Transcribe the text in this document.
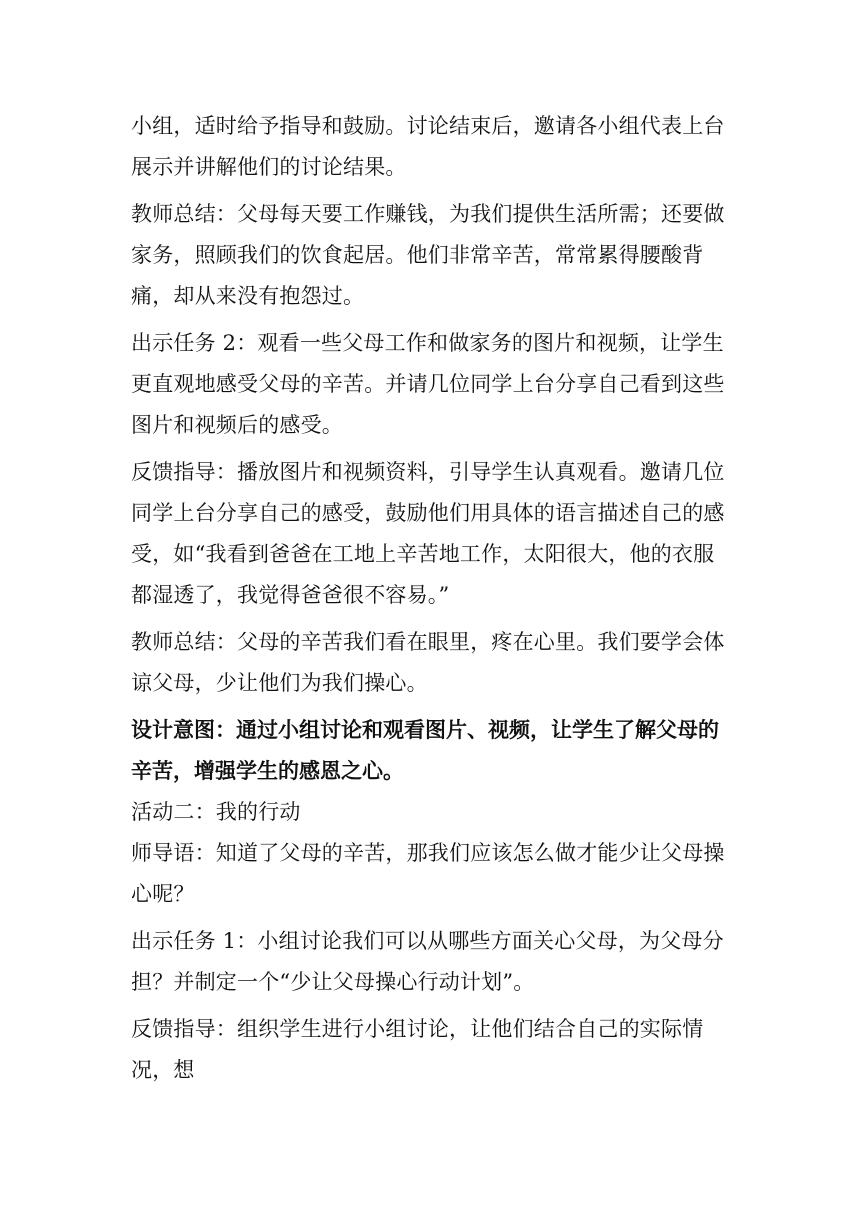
小组，适时给予指导和鼓励。讨论结束后，邀请各小组代表上台展示并讲解他们的讨论结果。

教师总结：父母每天要工作赚钱，为我们提供生活所需；还要做家务，照顾我们的饮食起居。他们非常辛苦，常常累得腰酸背痛，却从来没有抱怨过。

出示任务 2：观看一些父母工作和做家务的图片和视频，让学生更直观地感受父母的辛苦。并请几位同学上台分享自己看到这些图片和视频后的感受。

反馈指导：播放图片和视频资料，引导学生认真观看。邀请几位同学上台分享自己的感受，鼓励他们用具体的语言描述自己的感受，如“我看到爸爸在工地上辛苦地工作，太阳很大，他的衣服都湿透了，我觉得爸爸很不容易。”

教师总结：父母的辛苦我们看在眼里，疼在心里。我们要学会体谅父母，少让他们为我们操心。

设计意图：通过小组讨论和观看图片、视频，让学生了解父母的辛苦，增强学生的感恩之心。

活动二：我的行动

师导语：知道了父母的辛苦，那我们应该怎么做才能少让父母操心呢？

出示任务 1：小组讨论我们可以从哪些方面关心父母，为父母分担？并制定一个“少让父母操心行动计划”。

反馈指导：组织学生进行小组讨论，让他们结合自己的实际情况，想
